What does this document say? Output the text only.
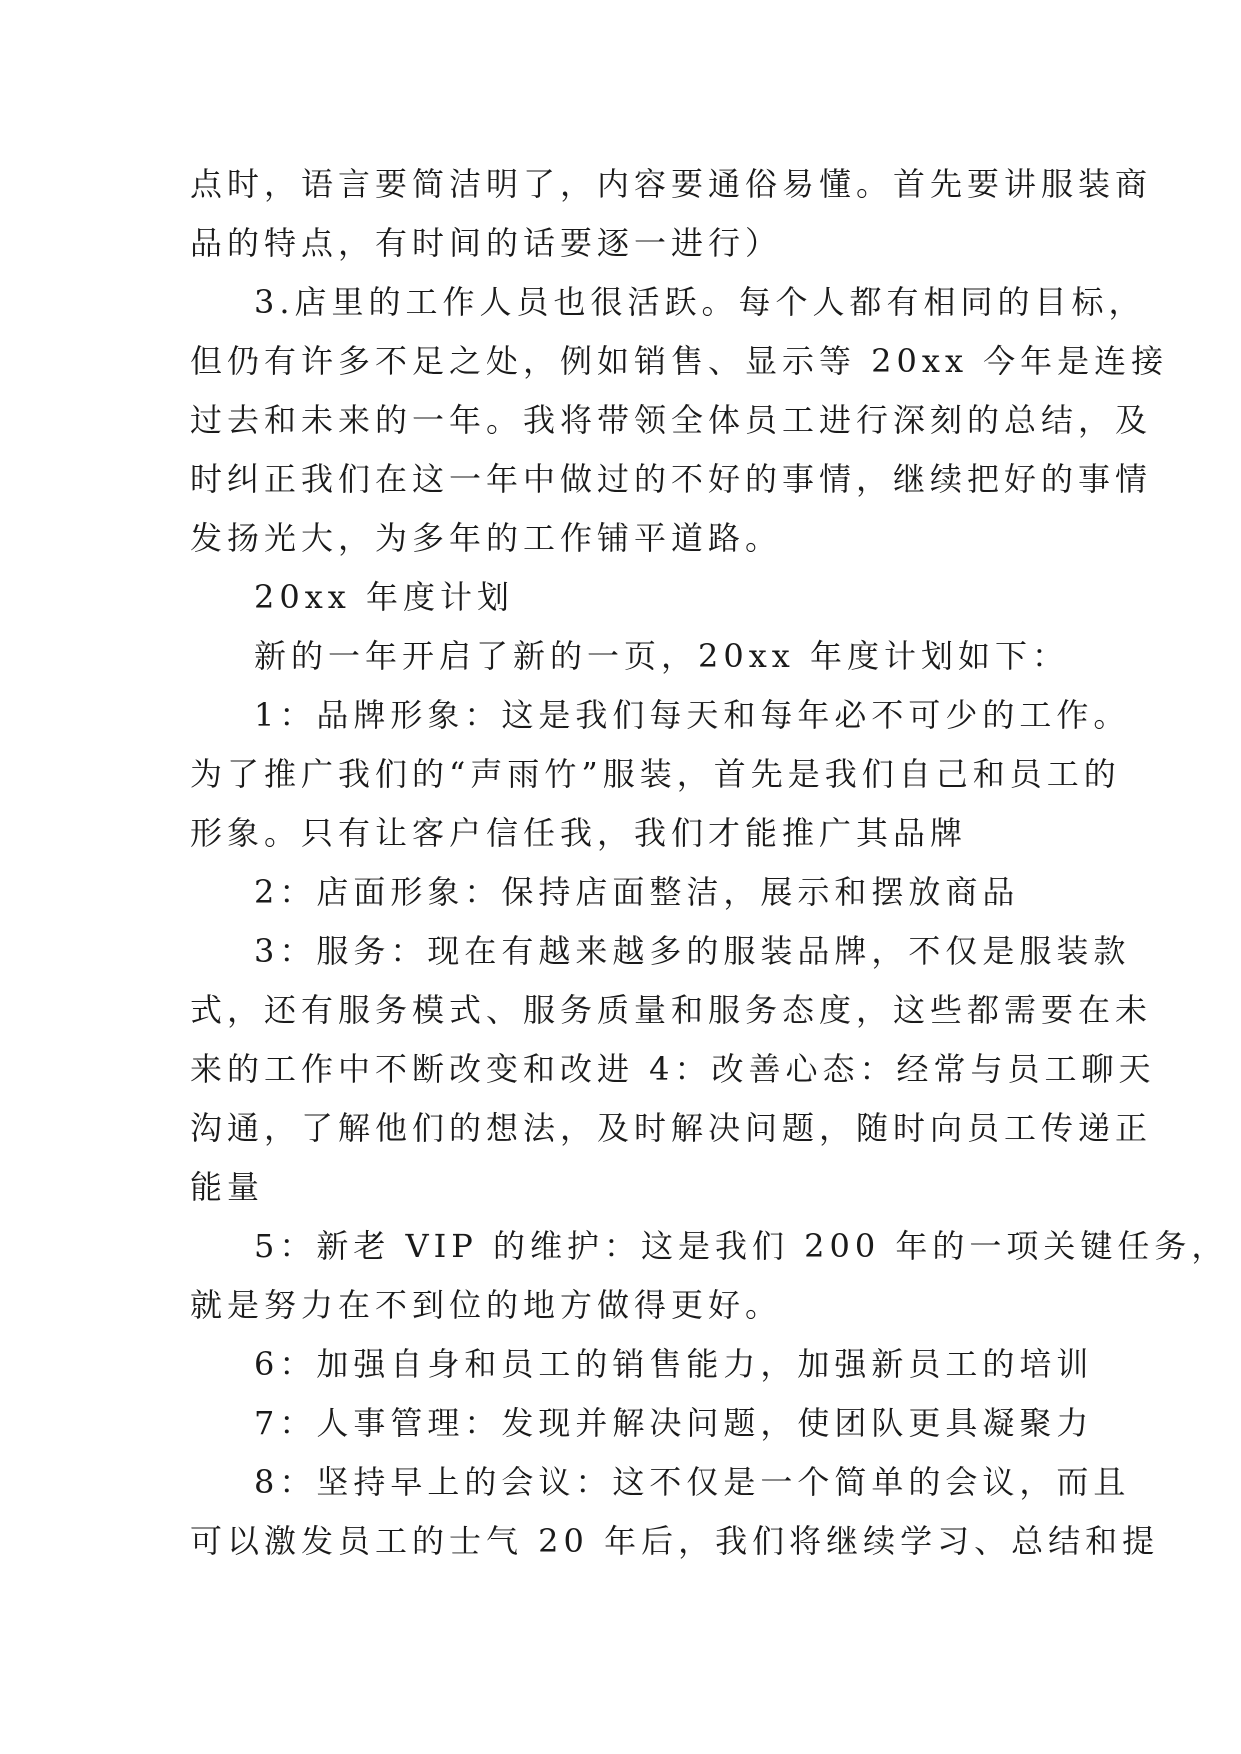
点时，语言要简洁明了，内容要通俗易懂。首先要讲服装商
品的特点，有时间的话要逐一进行）
3.店里的工作人员也很活跃。每个人都有相同的目标，
但仍有许多不足之处，例如销售、显示等 20xx 今年是连接
过去和未来的一年。我将带领全体员工进行深刻的总结，及
时纠正我们在这一年中做过的不好的事情，继续把好的事情
发扬光大，为多年的工作铺平道路。
20xx 年度计划
新的一年开启了新的一页，20xx 年度计划如下：
1：品牌形象：这是我们每天和每年必不可少的工作。
为了推广我们的“声雨竹”服装，首先是我们自己和员工的
形象。只有让客户信任我，我们才能推广其品牌
2：店面形象：保持店面整洁，展示和摆放商品
3：服务：现在有越来越多的服装品牌，不仅是服装款
式，还有服务模式、服务质量和服务态度，这些都需要在未
来的工作中不断改变和改进 4：改善心态：经常与员工聊天
沟通，了解他们的想法，及时解决问题，随时向员工传递正
能量
5：新老 VIP 的维护：这是我们 200 年的一项关键任务，
就是努力在不到位的地方做得更好。
6：加强自身和员工的销售能力，加强新员工的培训
7：人事管理：发现并解决问题，使团队更具凝聚力
8：坚持早上的会议：这不仅是一个简单的会议，而且
可以激发员工的士气 20 年后，我们将继续学习、总结和提
